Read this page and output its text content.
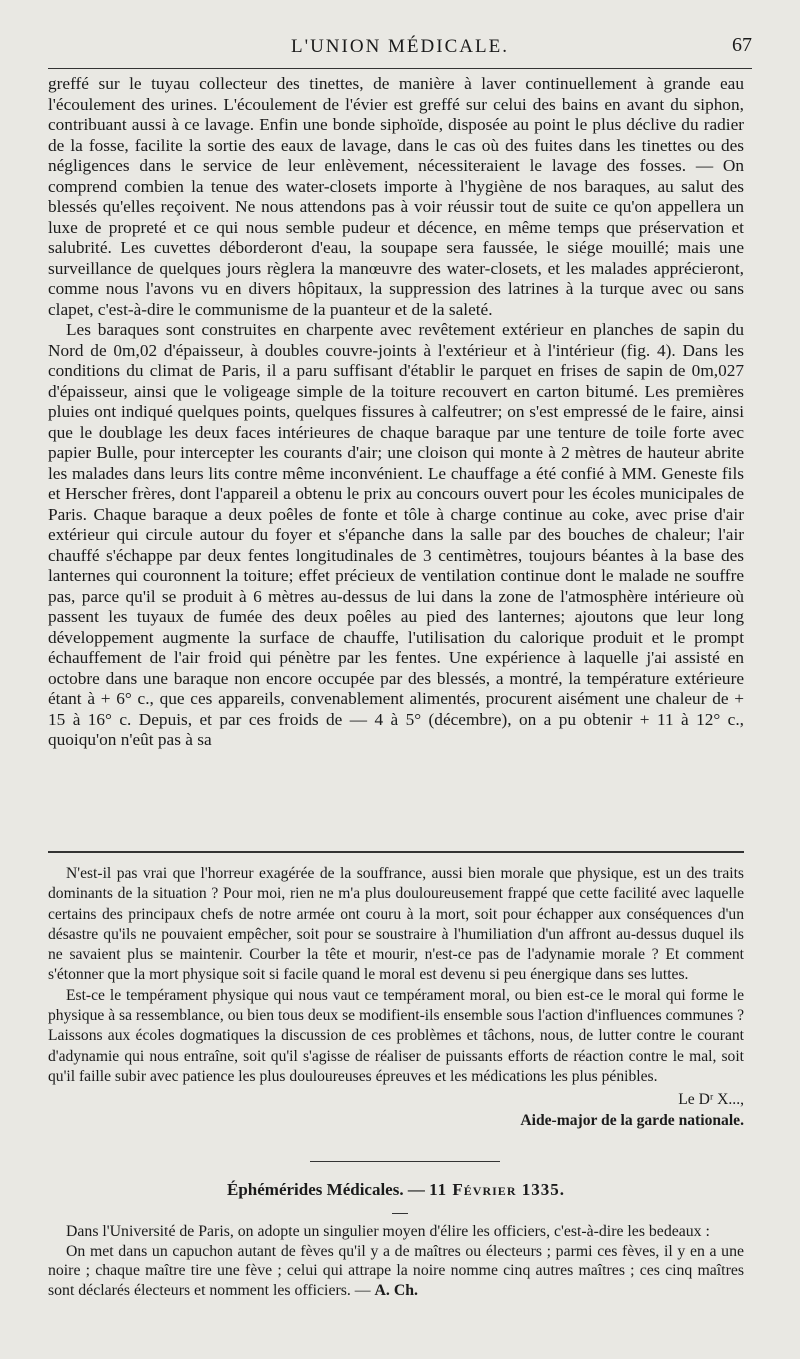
L'UNION MÉDICALE.	67

greffé sur le tuyau collecteur des tinettes, de manière à laver continuellement à grande eau l'écoulement des urines. L'écoulement de l'évier est greffé sur celui des bains en avant du siphon, contribuant aussi à ce lavage. Enfin une bonde siphoïde, disposée au point le plus déclive du radier de la fosse, facilite la sortie des eaux de lavage, dans le cas où des fuites dans les tinettes ou des négligences dans le service de leur enlèvement, nécessiteraient le lavage des fosses. — On comprend combien la tenue des water-closets importe à l'hygiène de nos baraques, au salut des blessés qu'elles reçoivent. Ne nous attendons pas à voir réussir tout de suite ce qu'on appellera un luxe de propreté et ce qui nous semble pudeur et décence, en même temps que préservation et salubrité. Les cuvettes déborderont d'eau, la soupape sera faussée, le siége mouillé; mais une surveillance de quelques jours règlera la manœuvre des water-closets, et les malades apprécieront, comme nous l'avons vu en divers hôpitaux, la suppression des latrines à la turque avec ou sans clapet, c'est-à-dire le communisme de la puanteur et de la saleté.

Les baraques sont construites en charpente avec revêtement extérieur en planches de sapin du Nord de 0m,02 d'épaisseur, à doubles couvre-joints à l'extérieur et à l'intérieur (fig. 4). Dans les conditions du climat de Paris, il a paru suffisant d'établir le parquet en frises de sapin de 0m,027 d'épaisseur, ainsi que le voligeage simple de la toiture recouvert en carton bitumé. Les premières pluies ont indiqué quelques points, quelques fissures à calfeutrer; on s'est empressé de le faire, ainsi que le doublage les deux faces intérieures de chaque baraque par une tenture de toile forte avec papier Bulle, pour intercepter les courants d'air; une cloison qui monte à 2 mètres de hauteur abrite les malades dans leurs lits contre même inconvénient. Le chauffage a été confié à MM. Geneste fils et Herscher frères, dont l'appareil a obtenu le prix au concours ouvert pour les écoles municipales de Paris. Chaque baraque a deux poêles de fonte et tôle à charge continue au coke, avec prise d'air extérieur qui circule autour du foyer et s'épanche dans la salle par des bouches de chaleur; l'air chauffé s'échappe par deux fentes longitudinales de 3 centimètres, toujours béantes à la base des lanternes qui couronnent la toiture; effet précieux de ventilation continue dont le malade ne souffre pas, parce qu'il se produit à 6 mètres au-dessus de lui dans la zone de l'atmosphère intérieure où passent les tuyaux de fumée des deux poêles au pied des lanternes; ajoutons que leur long développement augmente la surface de chauffe, l'utilisation du calorique produit et le prompt échauffement de l'air froid qui pénètre par les fentes. Une expérience à laquelle j'ai assisté en octobre dans une baraque non encore occupée par des blessés, a montré, la température extérieure étant à + 6° c., que ces appareils, convenablement alimentés, procurent aisément une chaleur de + 15 à 16° c. Depuis, et par ces froids de — 4 à 5° (décembre), on a pu obtenir + 11 à 12° c., quoiqu'on n'eût pas à sa

N'est-il pas vrai que l'horreur exagérée de la souffrance, aussi bien morale que physique, est un des traits dominants de la situation ? Pour moi, rien ne m'a plus douloureusement frappé que cette facilité avec laquelle certains des principaux chefs de notre armée ont couru à la mort, soit pour échapper aux conséquences d'un désastre qu'ils ne pouvaient empêcher, soit pour se soustraire à l'humiliation d'un affront au-dessus duquel ils ne savaient plus se maintenir. Courber la tête et mourir, n'est-ce pas de l'adynamie morale ? Et comment s'étonner que la mort physique soit si facile quand le moral est devenu si peu énergique dans ses luttes.

Est-ce le tempérament physique qui nous vaut ce tempérament moral, ou bien est-ce le moral qui forme le physique à sa ressemblance, ou bien tous deux se modifient-ils ensemble sous l'action d'influences communes ? Laissons aux écoles dogmatiques la discussion de ces problèmes et tâchons, nous, de lutter contre le courant d'adynamie qui nous entraîne, soit qu'il s'agisse de réaliser de puissants efforts de réaction contre le mal, soit qu'il faille subir avec patience les plus douloureuses épreuves et les médications les plus pénibles.

Le Dʳ X...,
Aide-major de la garde nationale.
Éphémérides Médicales. — 11 Février 1335.

Dans l'Université de Paris, on adopte un singulier moyen d'élire les officiers, c'est-à-dire les bedeaux :

On met dans un capuchon autant de fèves qu'il y a de maîtres ou électeurs ; parmi ces fèves, il y en a une noire ; chaque maître tire une fève ; celui qui attrape la noire nomme cinq autres maîtres ; ces cinq maîtres sont déclarés électeurs et nomment les officiers. — A. Ch.
